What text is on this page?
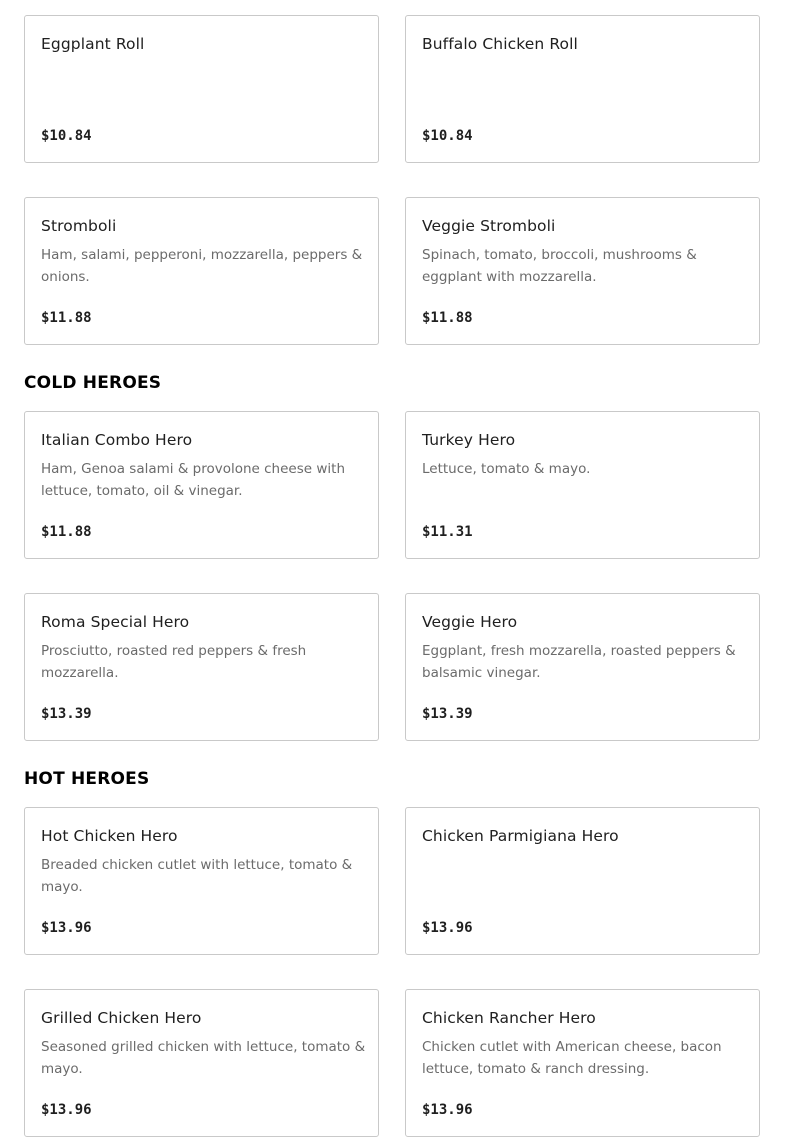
Eggplant Roll
$10.84
Buffalo Chicken Roll
$10.84
Stromboli
Ham, salami, pepperoni, mozzarella, peppers & onions.
$11.88
Veggie Stromboli
Spinach, tomato, broccoli, mushrooms & eggplant with mozzarella.
$11.88
COLD HEROES
Italian Combo Hero
Ham, Genoa salami & provolone cheese with lettuce, tomato, oil & vinegar.
$11.88
Turkey Hero
Lettuce, tomato & mayo.
$11.31
Roma Special Hero
Prosciutto, roasted red peppers & fresh mozzarella.
$13.39
Veggie Hero
Eggplant, fresh mozzarella, roasted peppers & balsamic vinegar.
$13.39
HOT HEROES
Hot Chicken Hero
Breaded chicken cutlet with lettuce, tomato & mayo.
$13.96
Chicken Parmigiana Hero
$13.96
Grilled Chicken Hero
Seasoned grilled chicken with lettuce, tomato & mayo.
$13.96
Chicken Rancher Hero
Chicken cutlet with American cheese, bacon lettuce, tomato & ranch dressing.
$13.96
